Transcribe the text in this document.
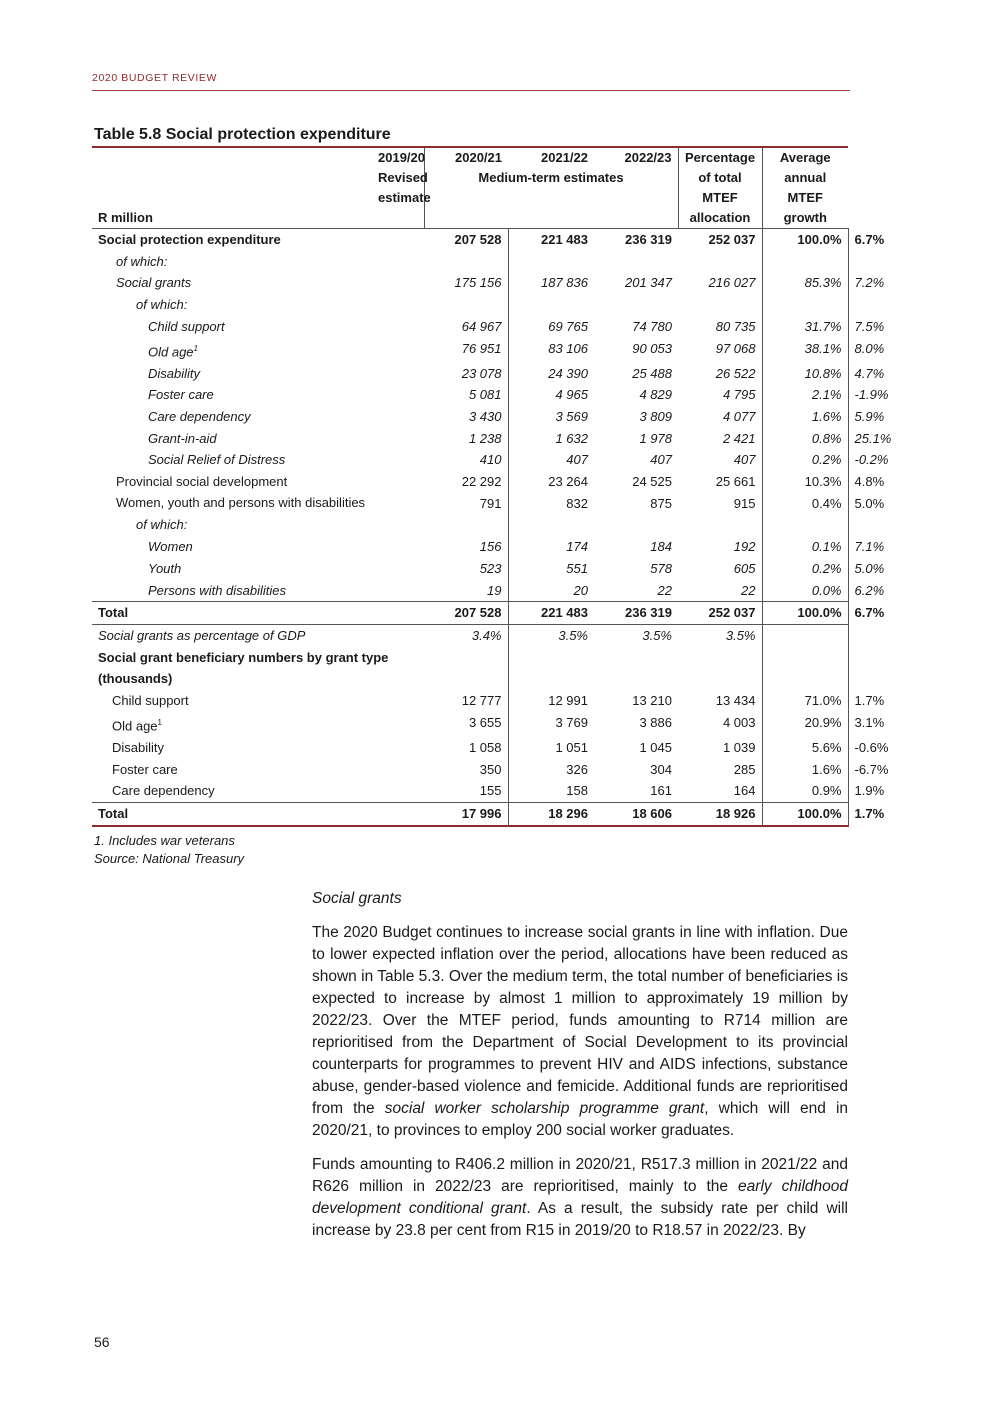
2020 BUDGET REVIEW
Table 5.8 Social protection expenditure
	2019/20	2020/21	2021/22	2022/23	Percentage	Average	
	Revised	Medium-term estimates			of total	annual	
	estimate				MTEF	MTEF	
R million					allocation	growth	
Social protection expenditure	207 528		221 483	236 319	252 037	100.0%	6.7%
of which:							
Social grants	175 156		187 836	201 347	216 027	85.3%	7.2%
of which:							
Child support	64 967		69 765	74 780	80 735	31.7%	7.5%
Old age$^1$	76 951		83 106	90 053	97 068	38.1%	8.0%
Disability	23 078		24 390	25 488	26 522	10.8%	4.7%
Foster care	5 081		4 965	4 829	4 795	2.1%	-1.9%
Care dependency	3 430		3 569	3 809	4 077	1.6%	5.9%
Grant-in-aid	1 238		1 632	1 978	2 421	0.8%	25.1%
Social Relief of Distress	410		407	407	407	0.2%	-0.2%
Provincial social development	22 292		23 264	24 525	25 661	10.3%	4.8%
Women, youth and persons with disabilities	791		832	875	915	0.4%	5.0%
of which:							
Women	156		174	184	192	0.1%	7.1%
Youth	523		551	578	605	0.2%	5.0%
Persons with disabilities	19		20	22	22	0.0%	6.2%
Total	207 528		221 483	236 319	252 037	100.0%	6.7%
Social grants as percentage of GDP	3.4%		3.5%	3.5%	3.5%		
Social grant beneficiary numbers by grant type							
(thousands)							
Child support	12 777		12 991	13 210	13 434	71.0%	1.7%
Old age$^1$	3 655		3 769	3 886	4 003	20.9%	3.1%
Disability	1 058		1 051	1 045	1 039	5.6%	-0.6%
Foster care	350		326	304	285	1.6%	-6.7%
Care dependency	155		158	161	164	0.9%	1.9%
Total	17 996		18 296	18 606	18 926	100.0%	1.7%
1. Includes war veterans
Source: National Treasury
Social grants

The 2020 Budget continues to increase social grants in line with inflation. Due to lower expected inflation over the period, allocations have been reduced as shown in Table 5.3. Over the medium term, the total number of beneficiaries is expected to increase by almost 1 million to approximately 19 million by 2022/23. Over the MTEF period, funds amounting to R714 million are reprioritised from the Department of Social Development to its provincial counterparts for programmes to prevent HIV and AIDS infections, substance abuse, gender-based violence and femicide. Additional funds are reprioritised from the social worker scholarship programme grant, which will end in 2020/21, to provinces to employ 200 social worker graduates.

Funds amounting to R406.2 million in 2020/21, R517.3 million in 2021/22 and R626 million in 2022/23 are reprioritised, mainly to the early childhood development conditional grant. As a result, the subsidy rate per child will increase by 23.8 per cent from R15 in 2019/20 to R18.57 in 2022/23. By

56
